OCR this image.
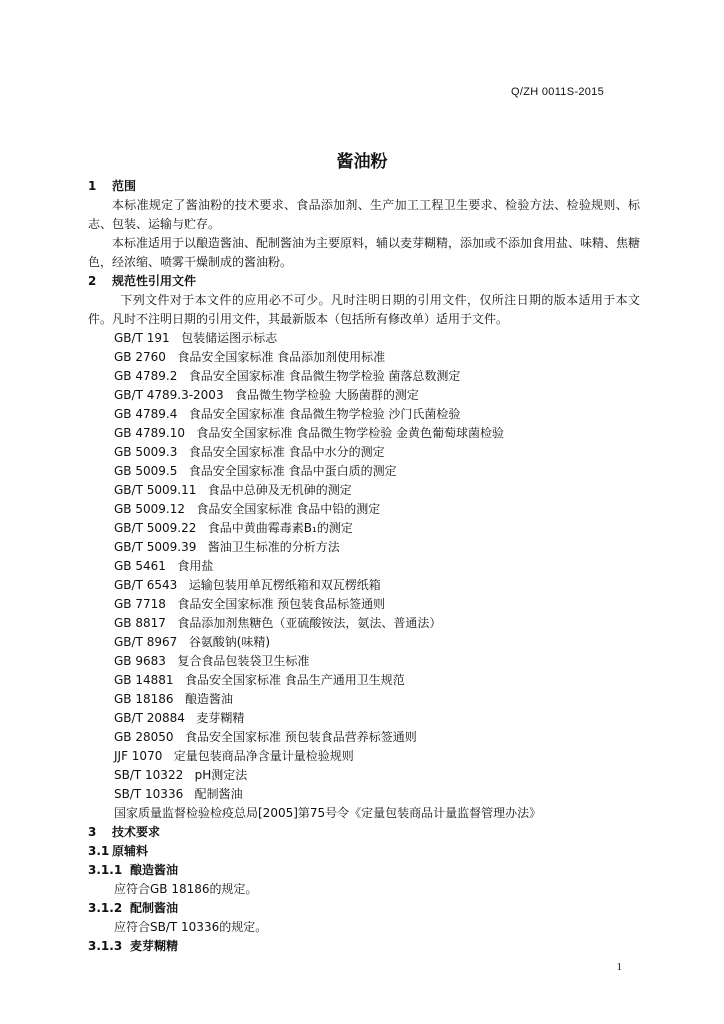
Q/ZH 0011S-2015
酱油粉
1 范围
本标准规定了酱油粉的技术要求、食品添加剂、生产加工工程卫生要求、检验方法、检验规则、标志、包装、运输与贮存。
本标准适用于以酿造酱油、配制酱油为主要原料，辅以麦芽糊精，添加或不添加食用盐、味精、焦糖色，经浓缩、喷雾干燥制成的酱油粉。
2 规范性引用文件
下列文件对于本文件的应用必不可少。凡时注明日期的引用文件，仅所注日期的版本适用于本文件。凡时不注明日期的引用文件，其最新版本（包括所有修改单）适用于文件。
GB/T 191   包装储运图示标志
GB 2760   食品安全国家标准 食品添加剂使用标准
GB 4789.2   食品安全国家标准 食品微生物学检验 菌落总数测定
GB/T 4789.3-2003   食品微生物学检验 大肠菌群的测定
GB 4789.4   食品安全国家标准 食品微生物学检验 沙门氏菌检验
GB 4789.10   食品安全国家标准 食品微生物学检验 金黄色葡萄球菌检验
GB 5009.3   食品安全国家标准 食品中水分的测定
GB 5009.5   食品安全国家标准 食品中蛋白质的测定
GB/T 5009.11   食品中总砷及无机砷的测定
GB 5009.12   食品安全国家标准 食品中铅的测定
GB/T 5009.22   食品中黄曲霉毒素B₁的测定
GB/T 5009.39   酱油卫生标准的分析方法
GB 5461   食用盐
GB/T 6543   运输包装用单瓦楞纸箱和双瓦楞纸箱
GB 7718   食品安全国家标准 预包装食品标签通则
GB 8817   食品添加剂焦糖色（亚硫酸铵法，氨法、普通法）
GB/T 8967   谷氨酸钠(味精)
GB 9683   复合食品包装袋卫生标准
GB 14881   食品安全国家标准 食品生产通用卫生规范
GB 18186   酿造酱油
GB/T 20884   麦芽糊精
GB 28050   食品安全国家标准 预包装食品营养标签通则
JJF 1070   定量包装商品净含量计量检验规则
SB/T 10322   pH测定法
SB/T 10336   配制酱油
国家质量监督检验检疫总局[2005]第75号令《定量包装商品计量监督管理办法》
3 技术要求
3.1 原辅料
3.1.1 酿造酱油
应符合GB 18186的规定。
3.1.2 配制酱油
应符合SB/T 10336的规定。
3.1.3 麦芽糊精
1
